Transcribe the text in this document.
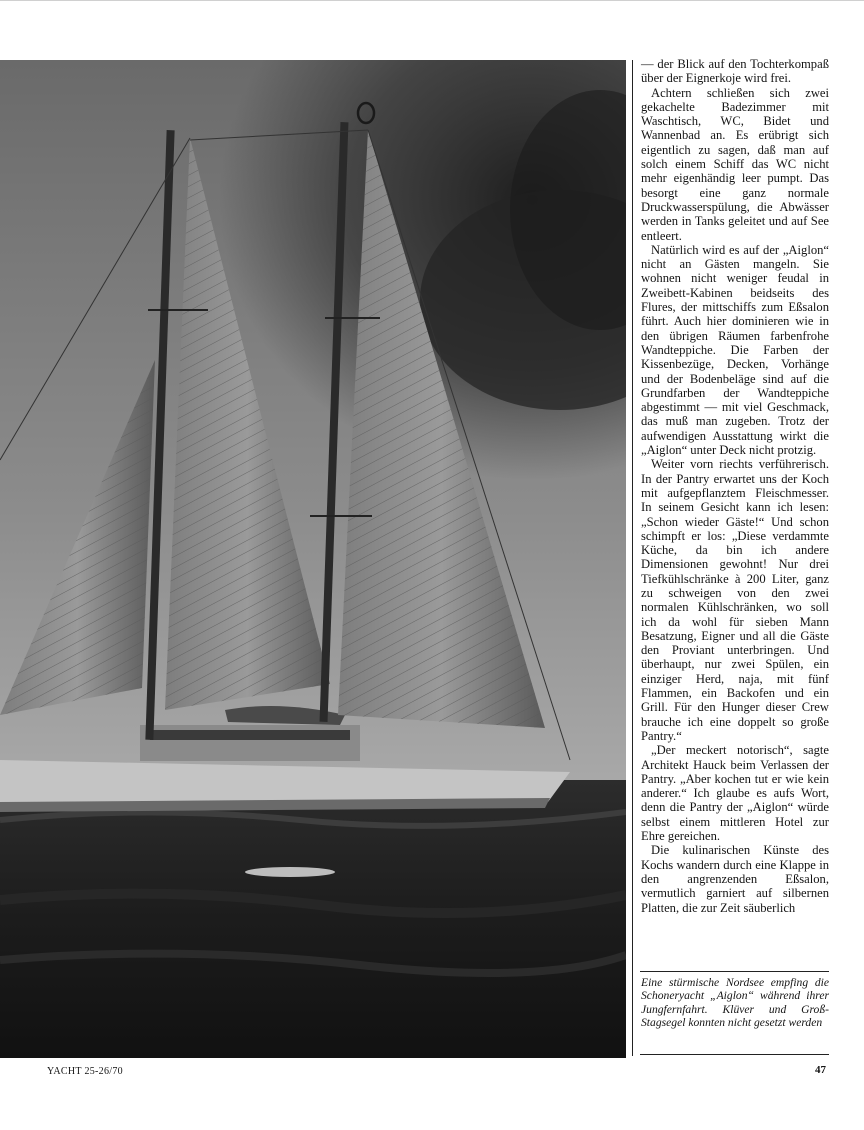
— der Blick auf den Tochterkompaß über der Eignerkoje wird frei.

Achtern schließen sich zwei gekachelte Badezimmer mit Waschtisch, WC, Bidet und Wannenbad an. Es erübrigt sich eigentlich zu sagen, daß man auf solch einem Schiff das WC nicht mehr eigenhändig leer pumpt. Das besorgt eine ganz normale Druckwasserspülung, die Abwässer werden in Tanks geleitet und auf See entleert.

Natürlich wird es auf der „Aiglon“ nicht an Gästen mangeln. Sie wohnen nicht weniger feudal in Zweibett-Kabinen beidseits des Flures, der mittschiffs zum Eßsalon führt. Auch hier dominieren wie in den übrigen Räumen farbenfrohe Wandteppiche. Die Farben der Kissenbezüge, Decken, Vorhänge und der Bodenbeläge sind auf die Grundfarben der Wandteppiche abgestimmt — mit viel Geschmack, das muß man zugeben. Trotz der aufwendigen Ausstattung wirkt die „Aiglon“ unter Deck nicht protzig.

Weiter vorn riechts verführerisch. In der Pantry erwartet uns der Koch mit aufgepflanztem Fleischmesser. In seinem Gesicht kann ich lesen: „Schon wieder Gäste!“ Und schon schimpft er los: „Diese verdammte Küche, da bin ich andere Dimensionen gewohnt! Nur drei Tiefkühlschränke à 200 Liter, ganz zu schweigen von den zwei normalen Kühlschränken, wo soll ich da wohl für sieben Mann Besatzung, Eigner und all die Gäste den Proviant unterbringen. Und überhaupt, nur zwei Spülen, ein einziger Herd, naja, mit fünf Flammen, ein Backofen und ein Grill. Für den Hunger dieser Crew brauche ich eine doppelt so große Pantry.“

„Der meckert notorisch“, sagte Architekt Hauck beim Verlassen der Pantry. „Aber kochen tut er wie kein anderer.“ Ich glaube es aufs Wort, denn die Pantry der „Aiglon“ würde selbst einem mittleren Hotel zur Ehre gereichen.

Die kulinarischen Künste des Kochs wandern durch eine Klappe in den angrenzenden Eßsalon, vermutlich garniert auf silbernen Platten, die zur Zeit säuberlich

Eine stürmische Nordsee empfing die Schoneryacht „Aiglon“ während ihrer Jungfernfahrt. Klüver und Groß-Stagsegel konnten nicht gesetzt werden
YACHT 25-26/70	47
